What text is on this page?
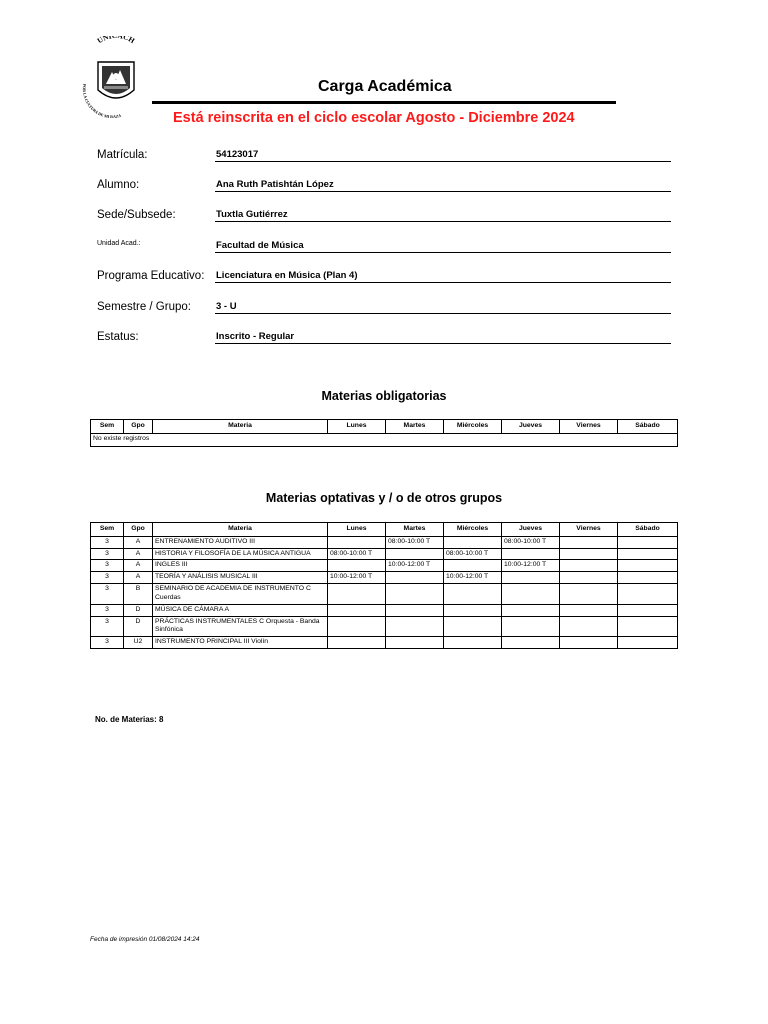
UNI CH
POR LA CULTURA DE MI RAZA
Carga Académica
Está reinscrita en el ciclo escolar Agosto - Diciembre 2024
Matrícula:	54123017
Alumno:	Ana Ruth Patishtán López
Sede/Subsede:	Tuxtla Gutiérrez
Unidad Acad.:	Facultad de Música
Programa Educativo: Licenciatura en Música (Plan 4)
Semestre / Grupo:	3 - U
Estatus:	Inscrito - Regular
Materias obligatorias
Sem	Gpo	Materia	Lunes	Martes	Miércoles	Jueves	Viernes	Sábado
No existe registros
Materias optativas y / o de otros grupos
Sem	Gpo	Materia	Lunes	Martes	Miércoles	Jueves	Viernes	Sábado
3	A	ENTRENAMIENTO AUDITIVO III		08:00-10:00 T		08:00-10:00 T		
3	A	HISTORIA Y FILOSOFÍA DE LA MÚSICA ANTIGUA	08:00-10:00 T		08:00-10:00 T			
3	A	INGLES III		10:00-12:00 T		10:00-12:00 T		
3	A	TEORÍA Y ANÁLISIS MUSICAL III	10:00-12:00 T		10:00-12:00 T			
3	B	SEMINARIO DE ACADEMIA DE INSTRUMENTO C Cuerdas						
3	D	MÚSICA DE CÁMARA A						
3	D	PRÁCTICAS INSTRUMENTALES C Orquesta - Banda Sinfónica						
3	U2	INSTRUMENTO PRINCIPAL III Violín						
No. de Materias: 8
Fecha de impresión 01/08/2024 14:24
